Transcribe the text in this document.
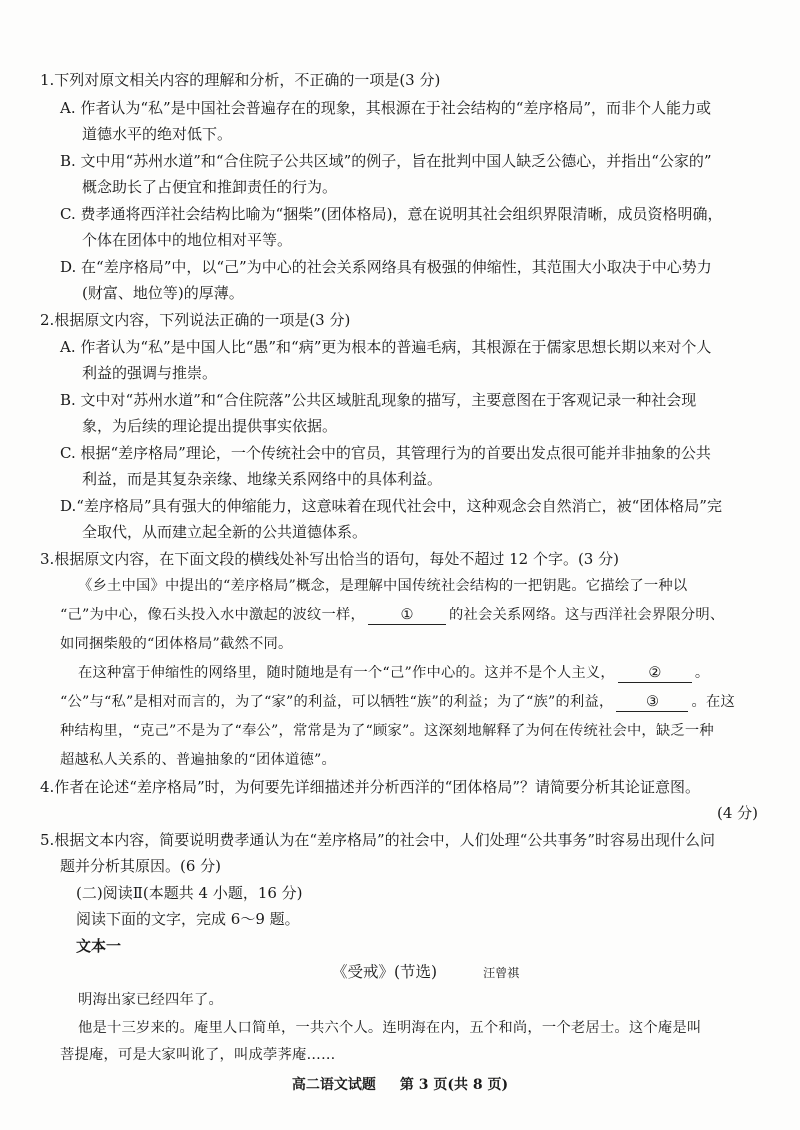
1.下列对原文相关内容的理解和分析，不正确的一项是(3 分)
A. 作者认为“私”是中国社会普遍存在的现象，其根源在于社会结构的“差序格局”，而非个人能力或
道德水平的绝对低下。
B. 文中用“苏州水道”和“合住院子公共区域”的例子，旨在批判中国人缺乏公德心，并指出“公家的”
概念助长了占便宜和推卸责任的行为。
C. 费孝通将西洋社会结构比喻为“捆柴”(团体格局)，意在说明其社会组织界限清晰，成员资格明确，
个体在团体中的地位相对平等。
D. 在“差序格局”中，以“己”为中心的社会关系网络具有极强的伸缩性，其范围大小取决于中心势力
(财富、地位等)的厚薄。
2.根据原文内容，下列说法正确的一项是(3 分)
A. 作者认为“私”是中国人比“愚”和“病”更为根本的普遍毛病，其根源在于儒家思想长期以来对个人
利益的强调与推崇。
B. 文中对“苏州水道”和“合住院落”公共区域脏乱现象的描写，主要意图在于客观记录一种社会现
象，为后续的理论提出提供事实依据。
C. 根据“差序格局”理论，一个传统社会中的官员，其管理行为的首要出发点很可能并非抽象的公共
利益，而是其复杂亲缘、地缘关系网络中的具体利益。
D.“差序格局”具有强大的伸缩能力，这意味着在现代社会中，这种观念会自然消亡，被“团体格局”完
全取代，从而建立起全新的公共道德体系。
3.根据原文内容，在下面文段的横线处补写出恰当的语句，每处不超过 12 个字。(3 分)
《乡土中国》中提出的“差序格局”概念，是理解中国传统社会结构的一把钥匙。它描绘了一种以
“己”为中心，像石头投入水中激起的波纹一样， ① 的社会关系网络。这与西洋社会界限分明、
如同捆柴般的“团体格局”截然不同。
在这种富于伸缩性的网络里，随时随地是有一个“己”作中心的。这并不是个人主义， ② 。
“公”与“私”是相对而言的，为了“家”的利益，可以牺牲“族”的利益；为了“族”的利益， ③ 。在这
种结构里，“克己”不是为了“奉公”，常常是为了“顾家”。这深刻地解释了为何在传统社会中，缺乏一种
超越私人关系的、普遍抽象的“团体道德”。
4.作者在论述“差序格局”时，为何要先详细描述并分析西洋的“团体格局”？请简要分析其论证意图。
(4 分)
5.根据文本内容，简要说明费孝通认为在“差序格局”的社会中，人们处理“公共事务”时容易出现什么问
题并分析其原因。(6 分)
(二)阅读Ⅱ(本题共 4 小题，16 分)
阅读下面的文字，完成 6～9 题。
文本一
《受戒》(节选)	汪曾祺
明海出家已经四年了。
他是十三岁来的。庵里人口简单，一共六个人。连明海在内，五个和尚，一个老居士。这个庵是叫
菩提庵，可是大家叫讹了，叫成荸荠庵……
高二语文试题 第 3 页(共 8 页)
